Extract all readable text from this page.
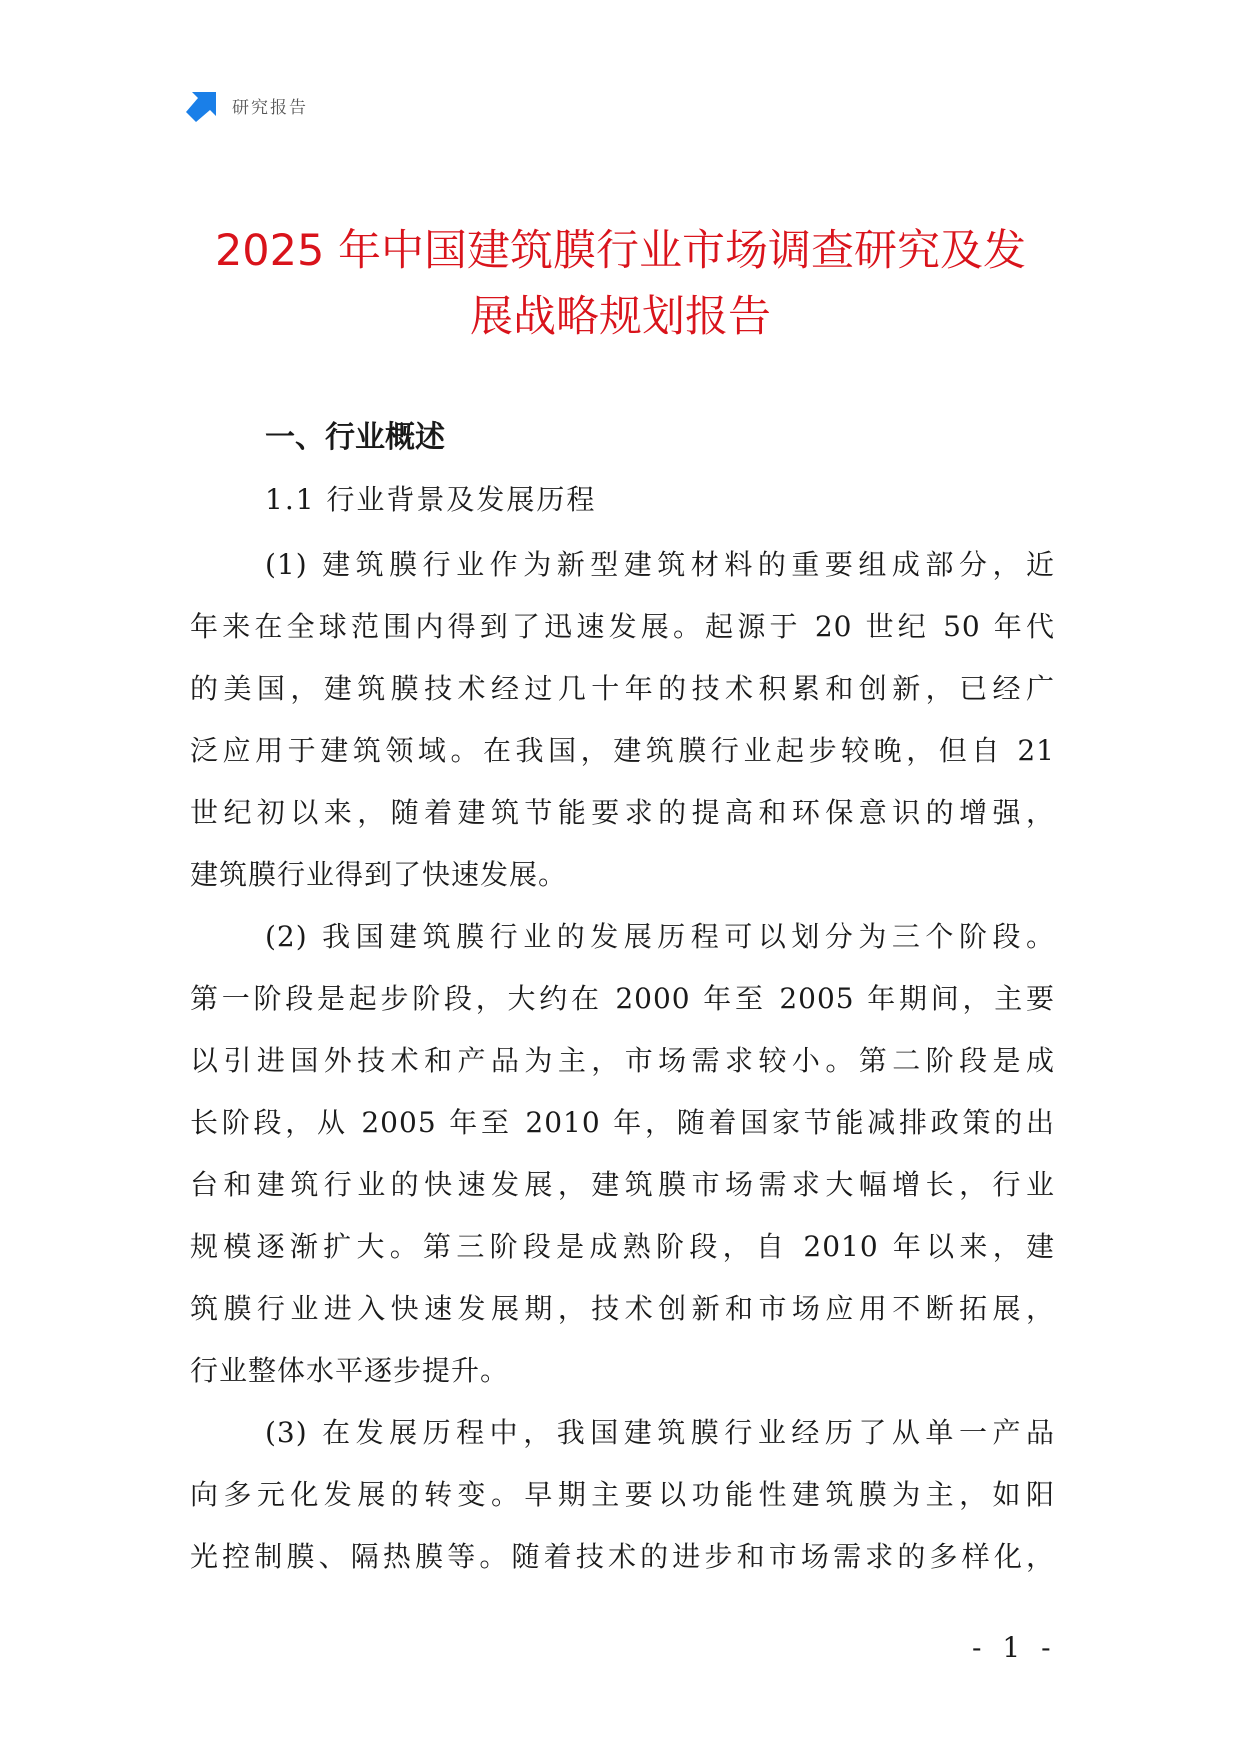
研究报告
2025 年中国建筑膜行业市场调查研究及发
展战略规划报告
一、行业概述
1.1 行业背景及发展历程
(1) 建筑膜行业作为新型建筑材料的重要组成部分，近
年来在全球范围内得到了迅速发展。起源于 20 世纪 50 年代
的美国，建筑膜技术经过几十年的技术积累和创新，已经广
泛应用于建筑领域。在我国，建筑膜行业起步较晚，但自 21
世纪初以来，随着建筑节能要求的提高和环保意识的增强，
建筑膜行业得到了快速发展。
(2) 我国建筑膜行业的发展历程可以划分为三个阶段。
第一阶段是起步阶段，大约在 2000 年至 2005 年期间，主要
以引进国外技术和产品为主，市场需求较小。第二阶段是成
长阶段，从 2005 年至 2010 年，随着国家节能减排政策的出
台和建筑行业的快速发展，建筑膜市场需求大幅增长，行业
规模逐渐扩大。第三阶段是成熟阶段，自 2010 年以来，建
筑膜行业进入快速发展期，技术创新和市场应用不断拓展，
行业整体水平逐步提升。
(3) 在发展历程中，我国建筑膜行业经历了从单一产品
向多元化发展的转变。早期主要以功能性建筑膜为主，如阳
光控制膜、隔热膜等。随着技术的进步和市场需求的多样化，
- 1 -
